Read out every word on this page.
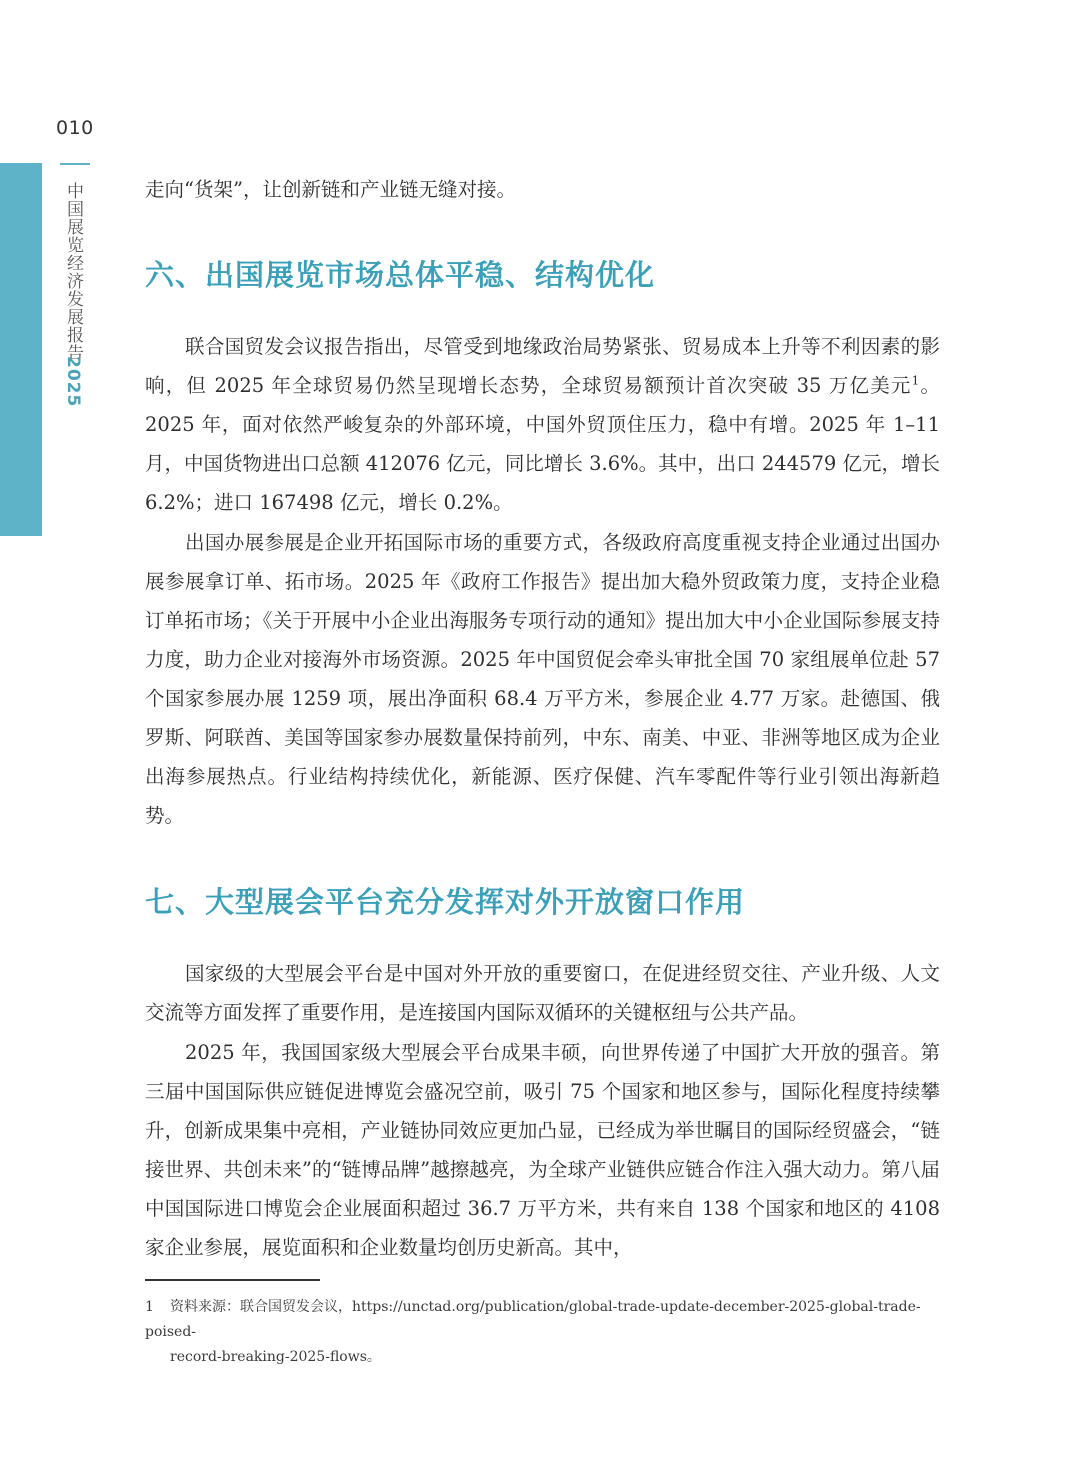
010
中国展览经济发展报告
2025

走向“货架”，让创新链和产业链无缝对接。

六、出国展览市场总体平稳、结构优化

联合国贸发会议报告指出，尽管受到地缘政治局势紧张、贸易成本上升等不利因素的影响，但 2025 年全球贸易仍然呈现增长态势，全球贸易额预计首次突破 35 万亿美元$^1$。2025 年，面对依然严峻复杂的外部环境，中国外贸顶住压力，稳中有增。2025 年 1–11 月，中国货物进出口总额 412076 亿元，同比增长 3.6%。其中，出口 244579 亿元，增长 6.2%；进口 167498 亿元，增长 0.2%。

出国办展参展是企业开拓国际市场的重要方式，各级政府高度重视支持企业通过出国办展参展拿订单、拓市场。2025 年《政府工作报告》提出加大稳外贸政策力度，支持企业稳订单拓市场；《关于开展中小企业出海服务专项行动的通知》提出加大中小企业国际参展支持力度，助力企业对接海外市场资源。2025 年中国贸促会牵头审批全国 70 家组展单位赴 57 个国家参展办展 1259 项，展出净面积 68.4 万平方米，参展企业 4.77 万家。赴德国、俄罗斯、阿联酋、美国等国家参办展数量保持前列，中东、南美、中亚、非洲等地区成为企业出海参展热点。行业结构持续优化，新能源、医疗保健、汽车零配件等行业引领出海新趋势。

七、大型展会平台充分发挥对外开放窗口作用

国家级的大型展会平台是中国对外开放的重要窗口，在促进经贸交往、产业升级、人文交流等方面发挥了重要作用，是连接国内国际双循环的关键枢纽与公共产品。

2025 年，我国国家级大型展会平台成果丰硕，向世界传递了中国扩大开放的强音。第三届中国国际供应链促进博览会盛况空前，吸引 75 个国家和地区参与，国际化程度持续攀升，创新成果集中亮相，产业链协同效应更加凸显，已经成为举世瞩目的国际经贸盛会，“链接世界、共创未来”的“链博品牌”越擦越亮，为全球产业链供应链合作注入强大动力。第八届中国国际进口博览会企业展面积超过 36.7 万平方米，共有来自 138 个国家和地区的 4108 家企业参展，展览面积和企业数量均创历史新高。其中，

1 资料来源：联合国贸发会议，https://unctad.org/publication/global-trade-update-december-2025-global-trade-poised-
record-breaking-2025-flows。
